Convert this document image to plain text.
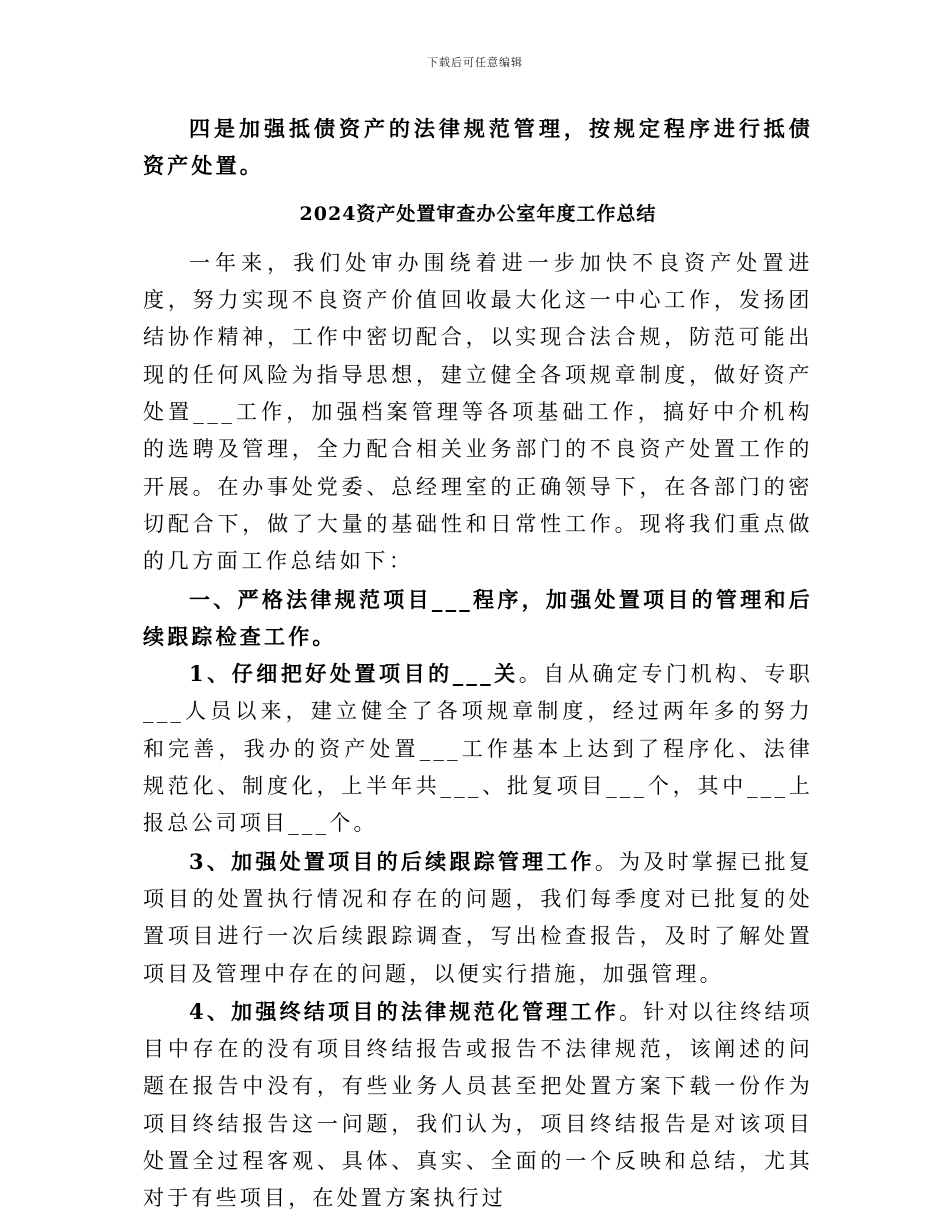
下载后可任意编辑

四是加强抵债资产的法律规范管理，按规定程序进行抵债资产处置。

2024资产处置审查办公室年度工作总结

一年来，我们处审办围绕着进一步加快不良资产处置进度，努力实现不良资产价值回收最大化这一中心工作，发扬团结协作精神，工作中密切配合，以实现合法合规，防范可能出现的任何风险为指导思想，建立健全各项规章制度，做好资产处置___工作，加强档案管理等各项基础工作，搞好中介机构的选聘及管理，全力配合相关业务部门的不良资产处置工作的开展。在办事处党委、总经理室的正确领导下，在各部门的密切配合下，做了大量的基础性和日常性工作。现将我们重点做的几方面工作总结如下：

一、严格法律规范项目___程序，加强处置项目的管理和后续跟踪检查工作。

1、仔细把好处置项目的___关。自从确定专门机构、专职___人员以来，建立健全了各项规章制度，经过两年多的努力和完善，我办的资产处置___工作基本上达到了程序化、法律规范化、制度化，上半年共___、批复项目___个，其中___上报总公司项目___个。

3、加强处置项目的后续跟踪管理工作。为及时掌握已批复项目的处置执行情况和存在的问题，我们每季度对已批复的处置项目进行一次后续跟踪调查，写出检查报告，及时了解处置项目及管理中存在的问题，以便实行措施，加强管理。

4、加强终结项目的法律规范化管理工作。针对以往终结项目中存在的没有项目终结报告或报告不法律规范，该阐述的问题在报告中没有，有些业务人员甚至把处置方案下载一份作为项目终结报告这一问题，我们认为，项目终结报告是对该项目处置全过程客观、具体、真实、全面的一个反映和总结，尤其对于有些项目，在处置方案执行过
